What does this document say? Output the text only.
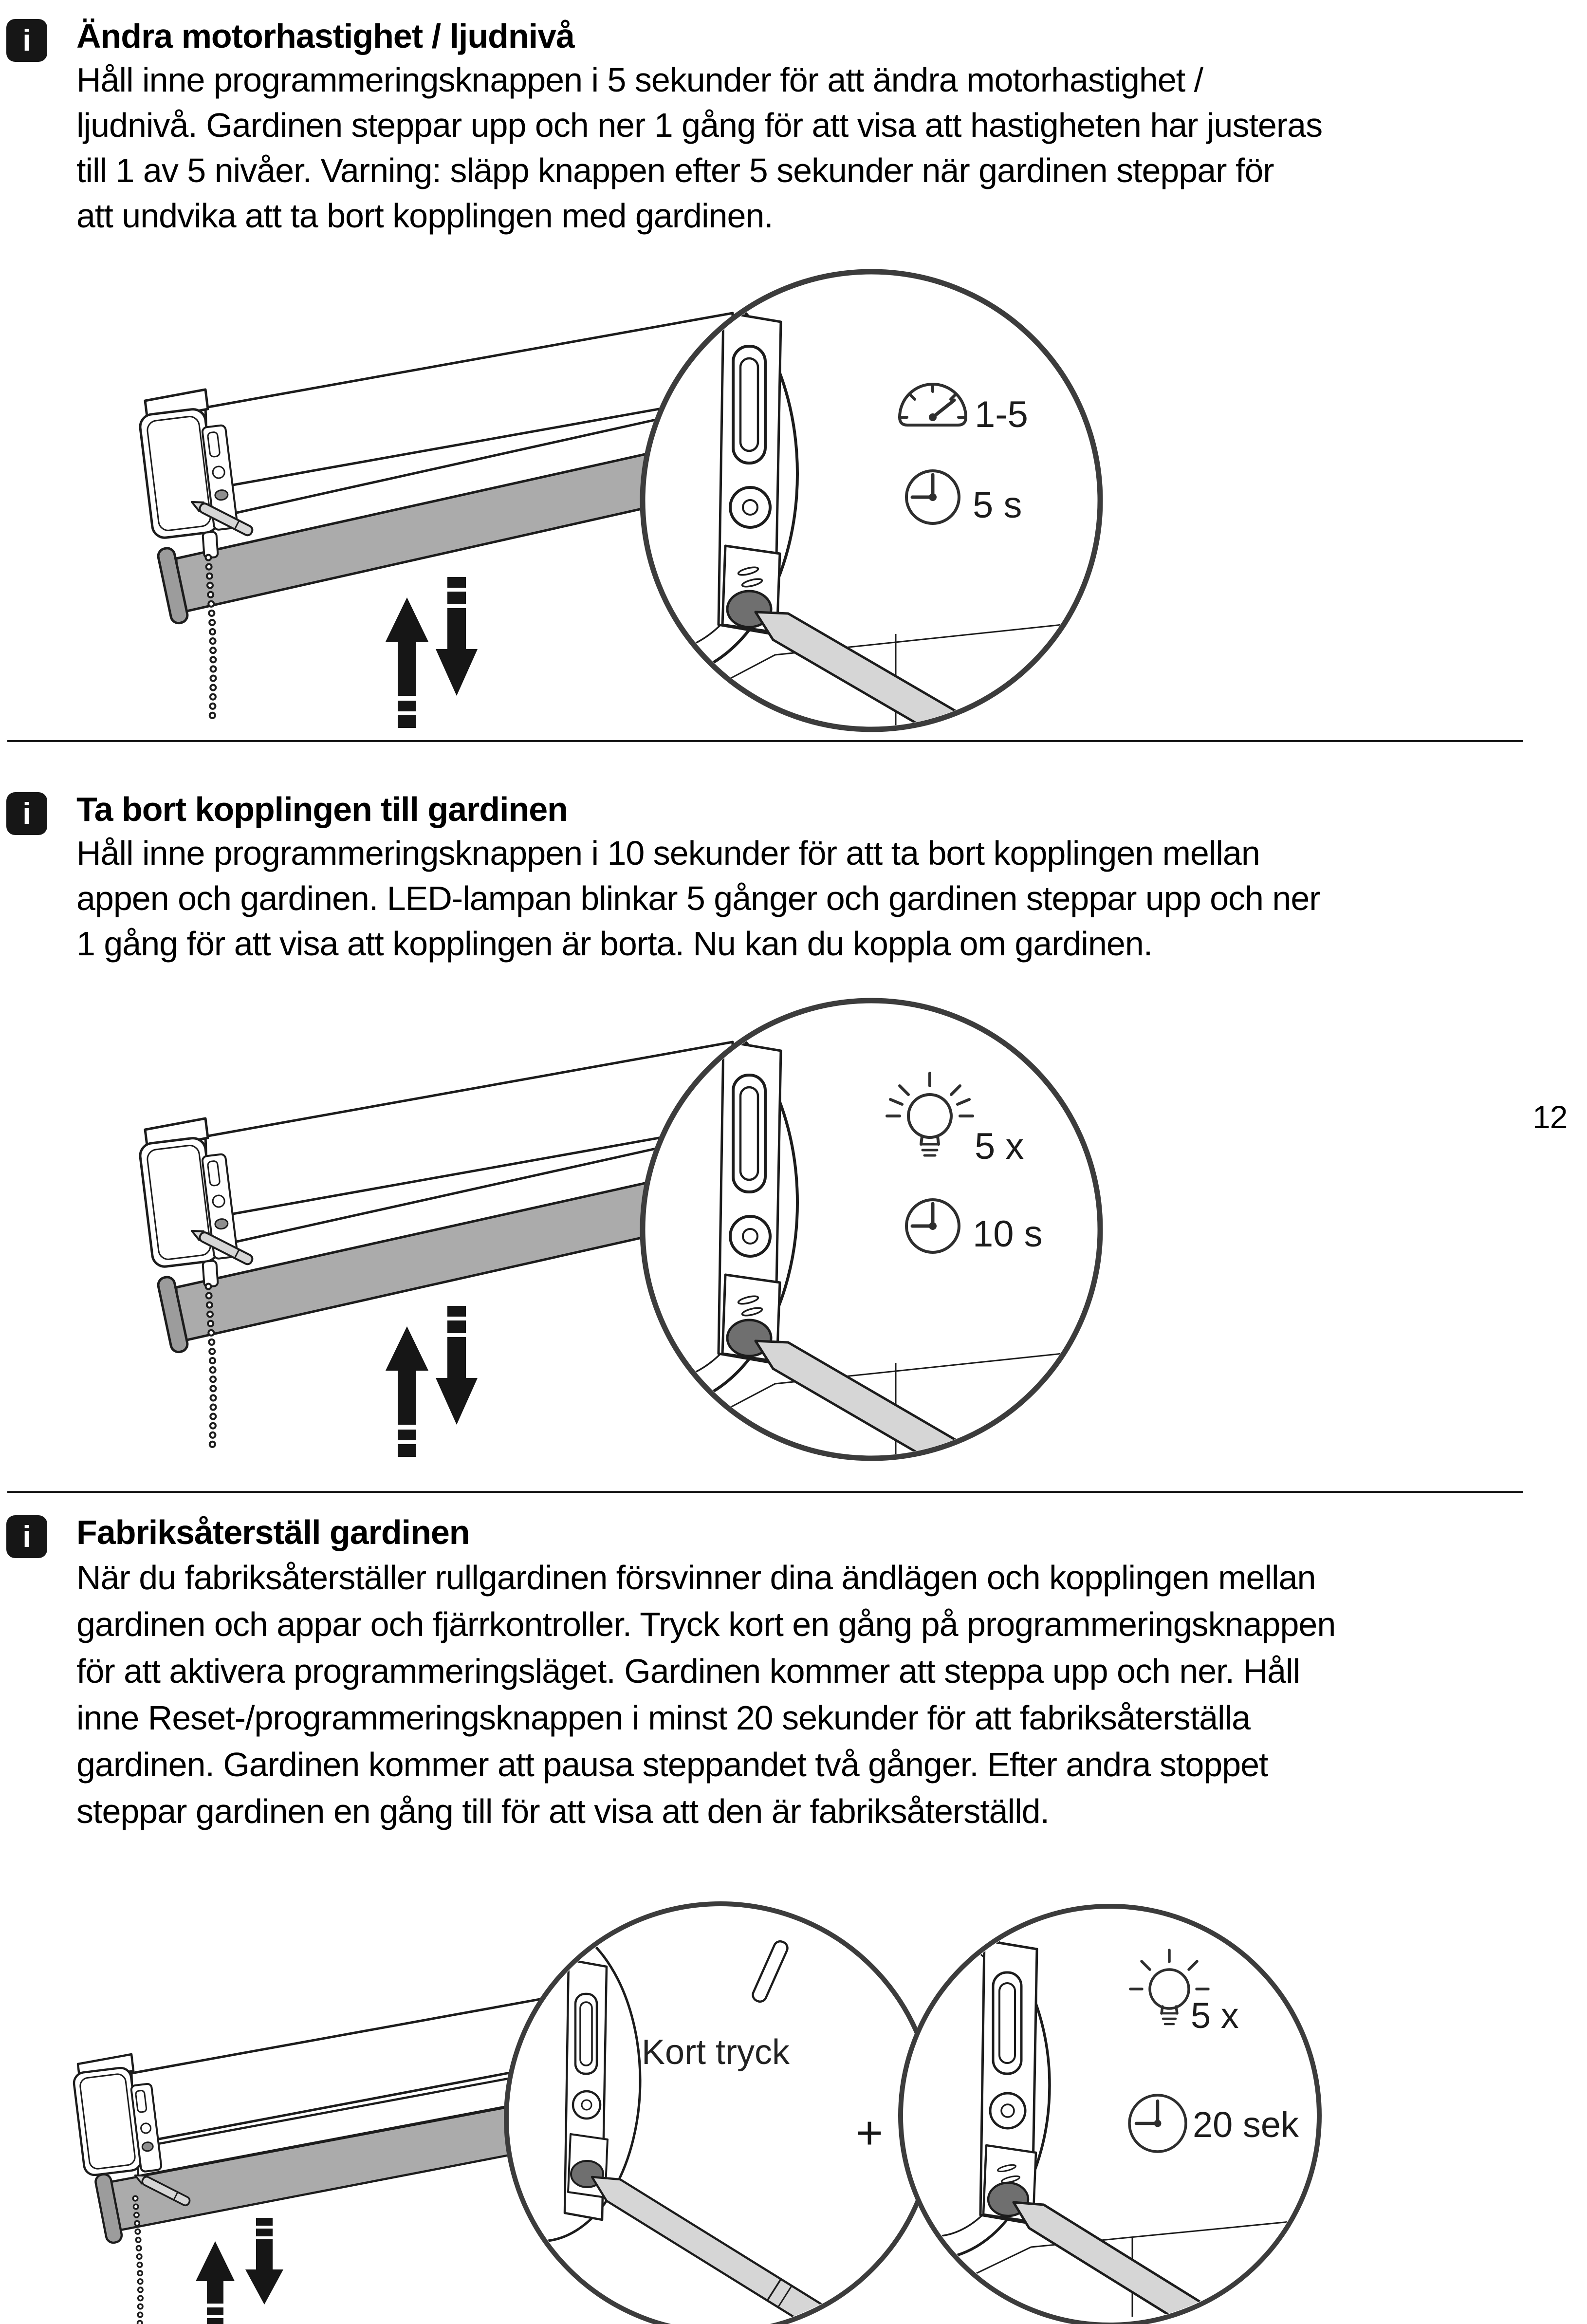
i Ändra motorhastighet / ljudnivå
Håll inne programmeringsknappen i 5 sekunder för att ändra motorhastighet /
ljudnivå. Gardinen steppar upp och ner 1 gång för att visa att hastigheten har justeras
till 1 av 5 nivåer. Varning: släpp knappen efter 5 sekunder när gardinen steppar för
att undvika att ta bort kopplingen med gardinen.
1-5
5 s
i Ta bort kopplingen till gardinen
Håll inne programmeringsknappen i 10 sekunder för att ta bort kopplingen mellan
appen och gardinen. LED-lampan blinkar 5 gånger och gardinen steppar upp och ner
1 gång för att visa att kopplingen är borta. Nu kan du koppla om gardinen.
5 x
10 s
12
i Fabriksåterställ gardinen
När du fabriksåterställer rullgardinen försvinner dina ändlägen och kopplingen mellan
gardinen och appar och fjärrkontroller. Tryck kort en gång på programmeringsknappen
för att aktivera programmeringsläget. Gardinen kommer att steppa upp och ner. Håll
inne Reset-/programmeringsknappen i minst 20 sekunder för att fabriksåterställa
gardinen. Gardinen kommer att pausa steppandet två gånger. Efter andra stoppet
steppar gardinen en gång till för att visa att den är fabriksåterställd.
Kort tryck
+
5 x
20 sek
